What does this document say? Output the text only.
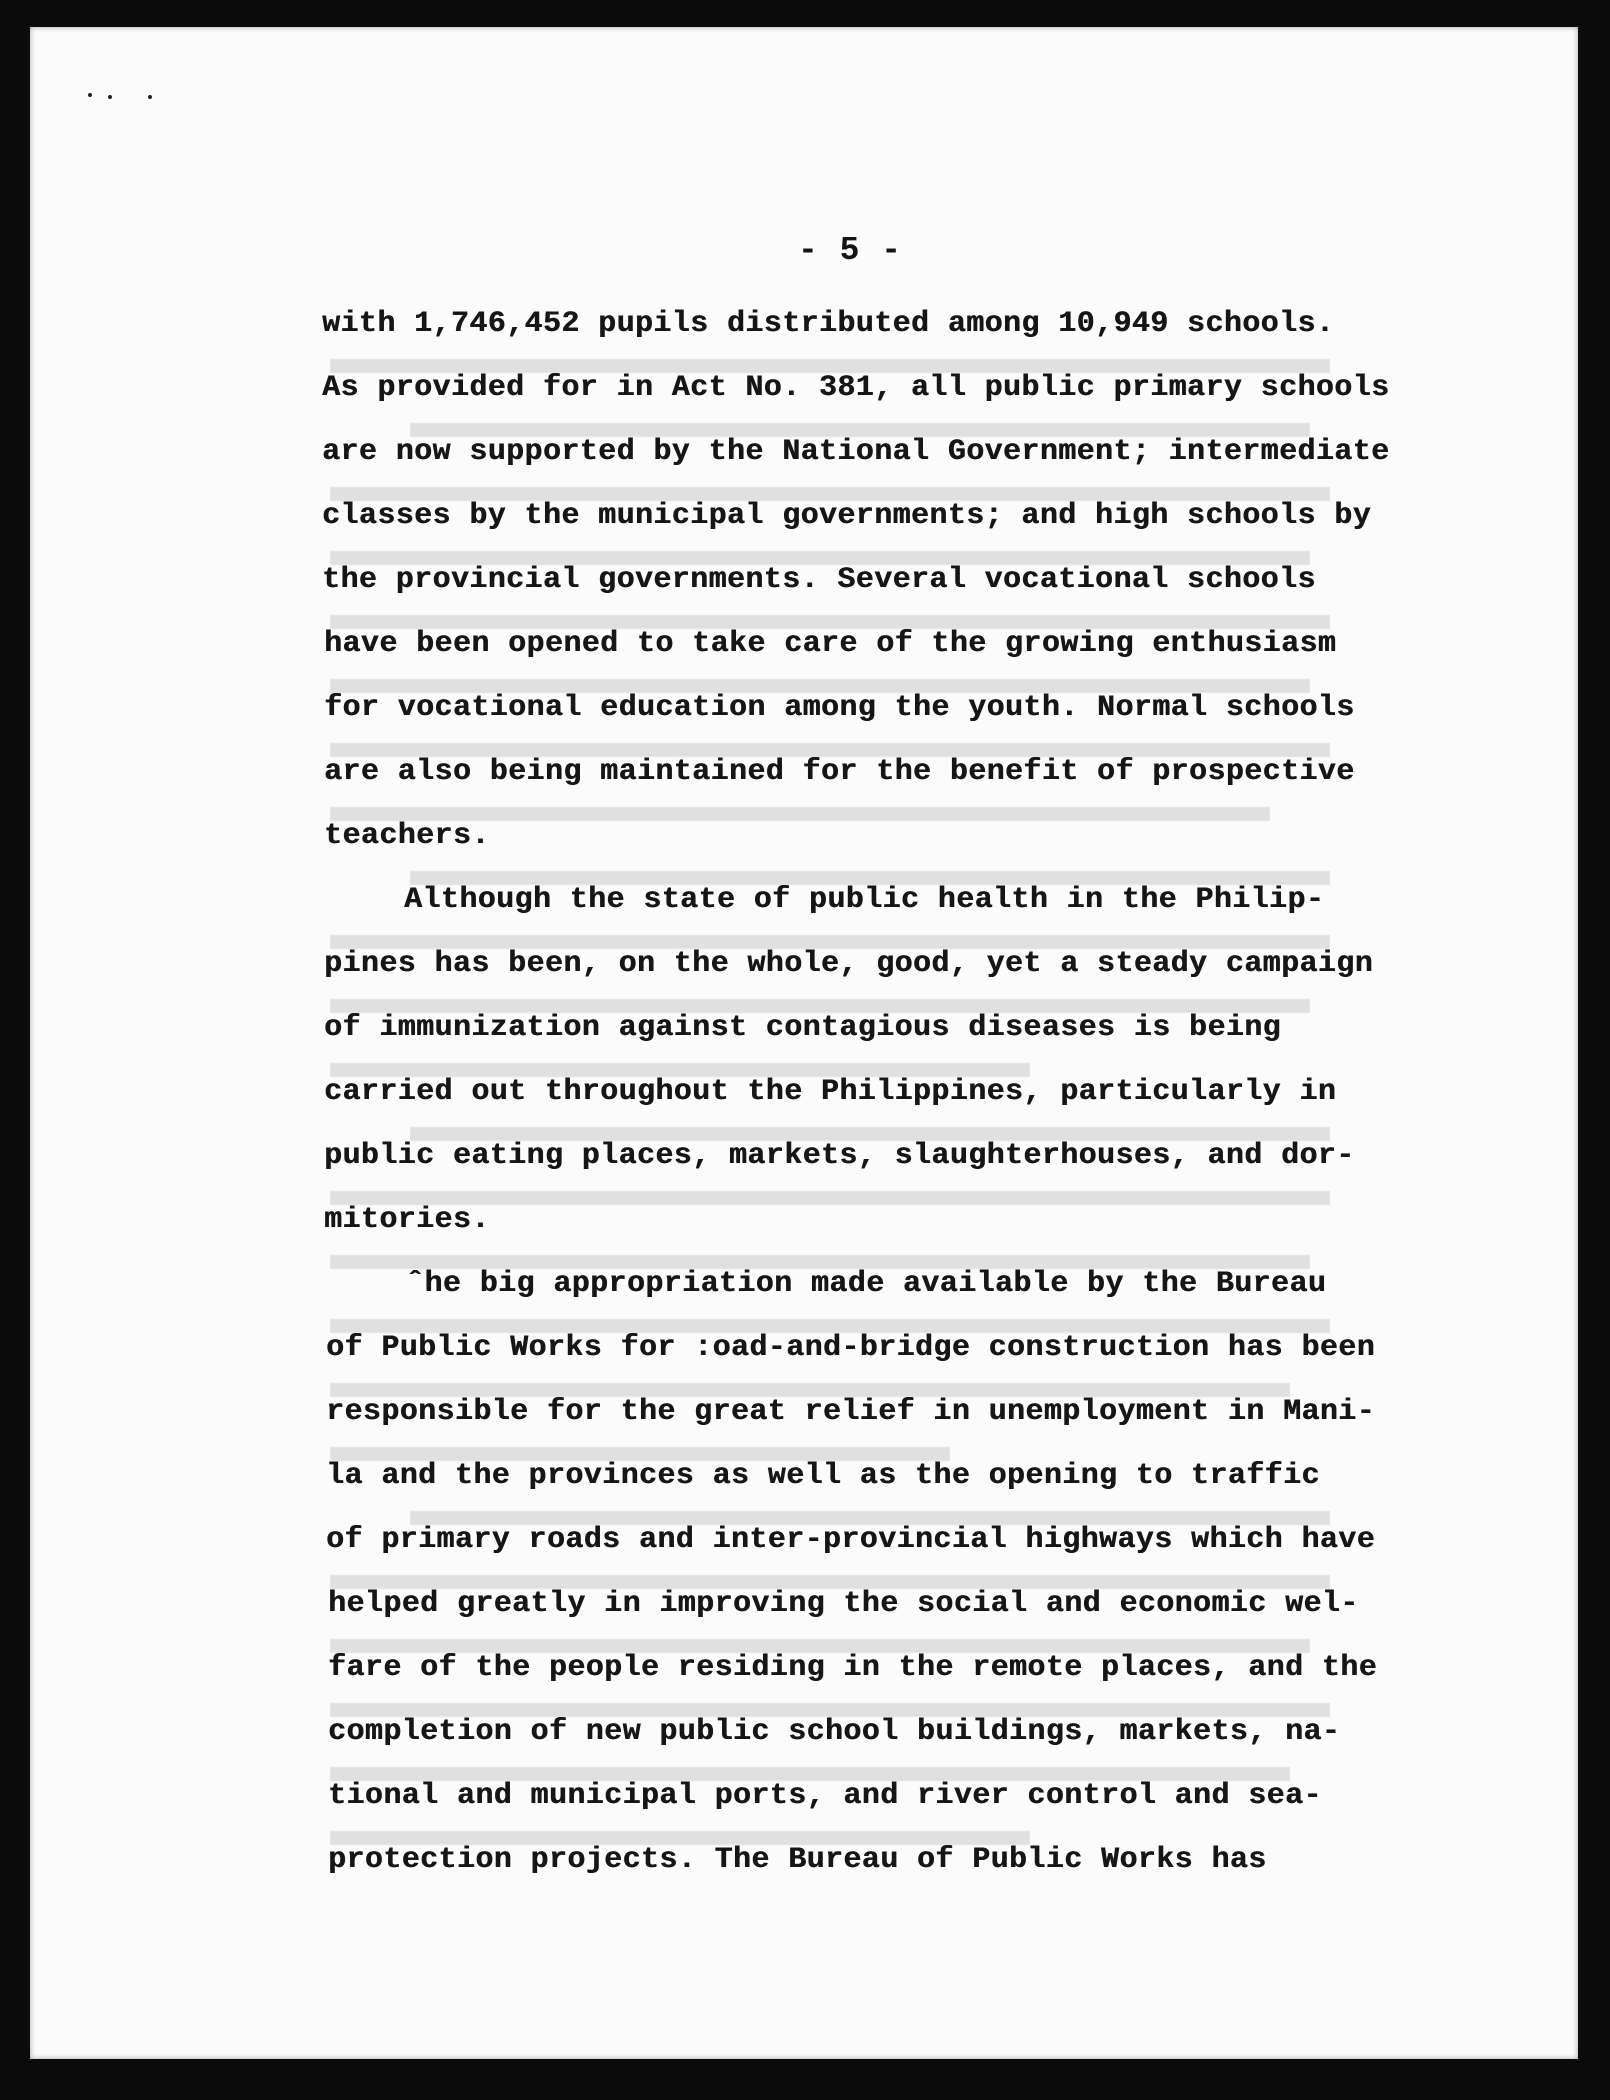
- 5 -
with 1,746,452 pupils distributed among 10,949 schools.
As provided for in Act No. 381, all public primary schools
are now supported by the National Government; intermediate
classes by the municipal governments; and high schools by
the provincial governments. Several vocational schools
have been opened to take care of the growing enthusiasm
for vocational education among the youth. Normal schools
are also being maintained for the benefit of prospective
teachers.
Although the state of public health in the Philip-
pines has been, on the whole, good, yet a steady campaign
of immunization against contagious diseases is being
carried out throughout the Philippines, particularly in
public eating places, markets, slaughterhouses, and dor-
mitories.
ˆhe big appropriation made available by the Bureau
of Public Works for :oad-and-bridge construction has been
responsible for the great relief in unemployment in Mani-
la and the provinces as well as the opening to traffic
of primary roads and inter-provincial highways which have
helped greatly in improving the social and economic wel-
fare of the people residing in the remote places, and the
completion of new public school buildings, markets, na-
tional and municipal ports, and river control and sea-
protection projects. The Bureau of Public Works has
